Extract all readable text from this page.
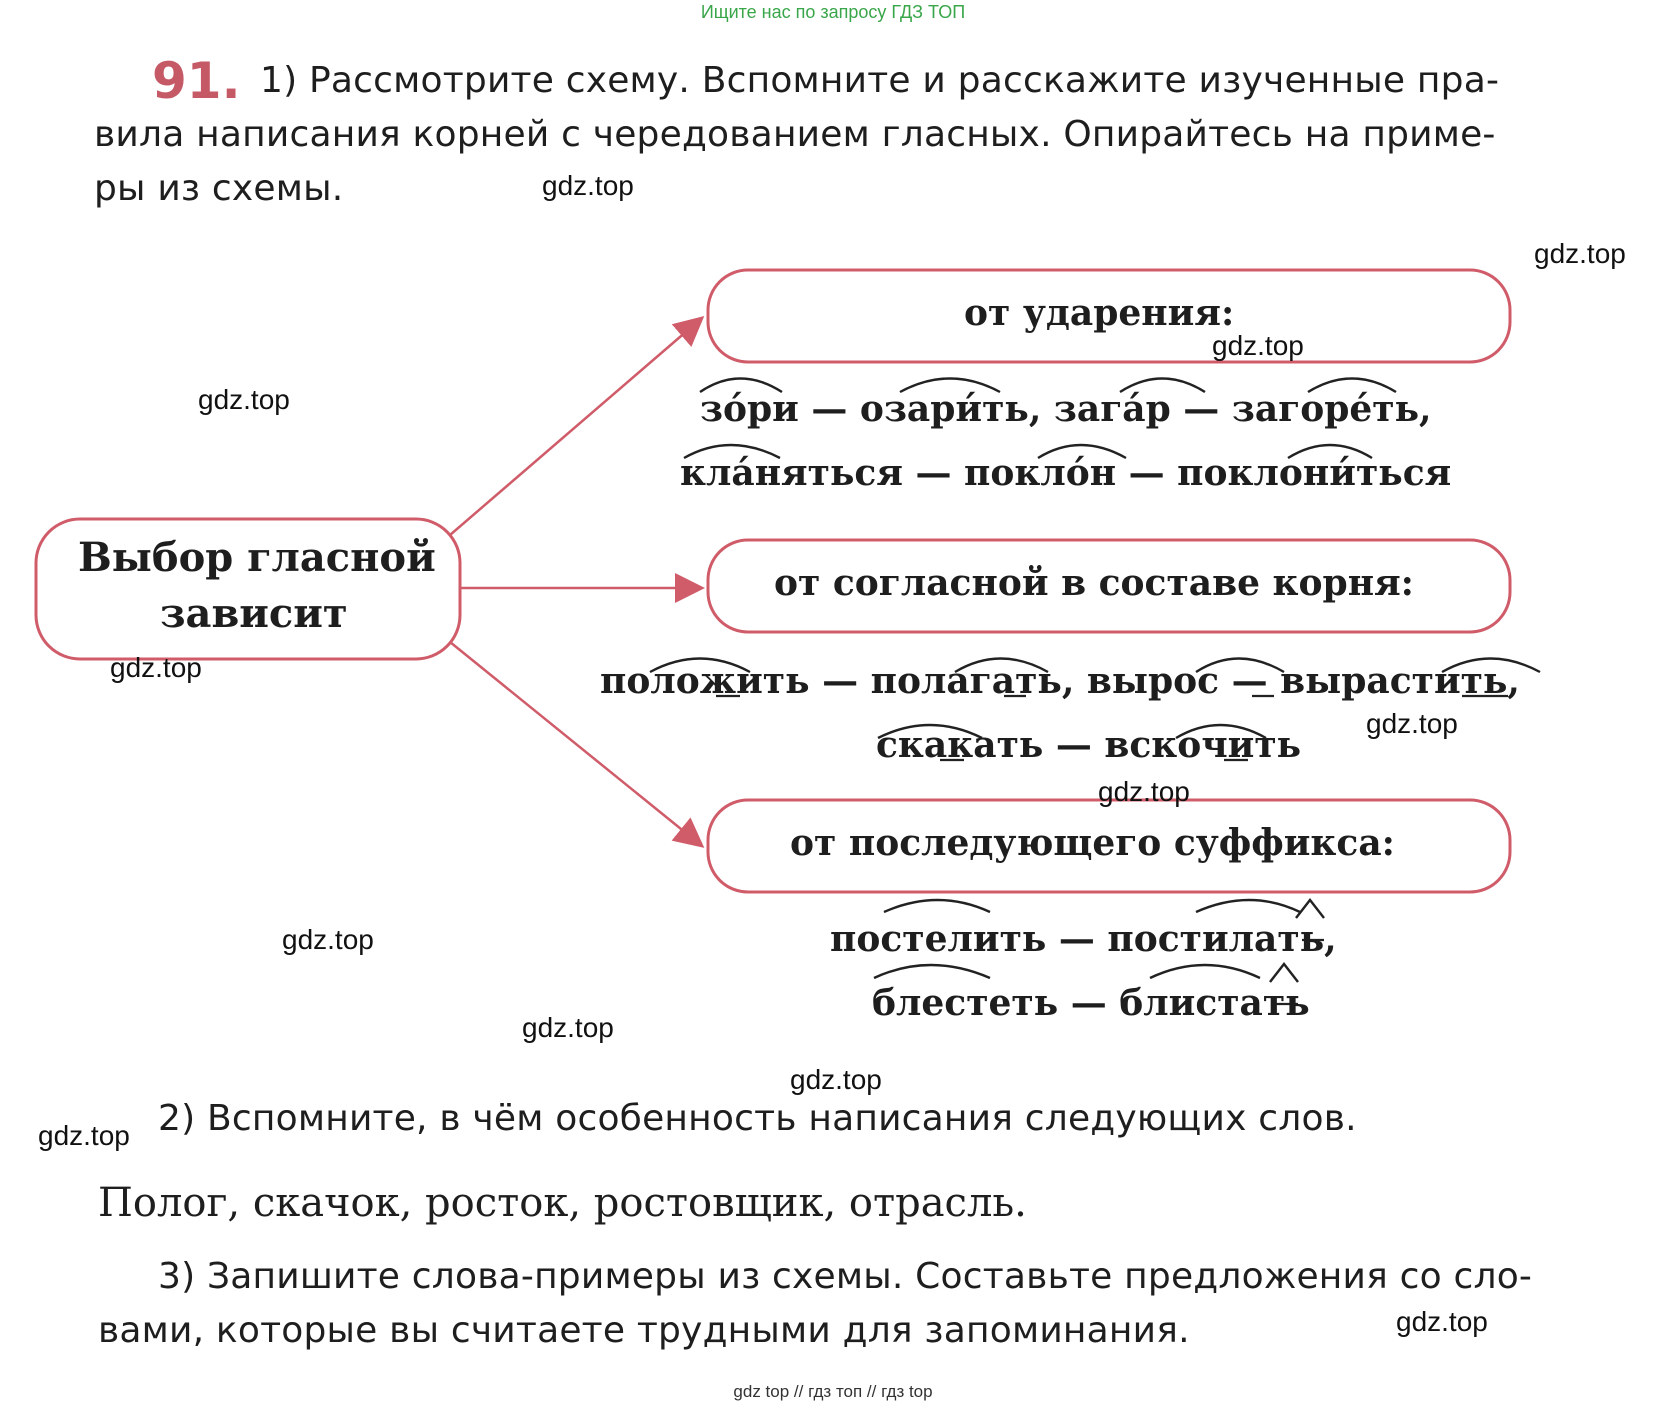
Ищите нас по запросу ГДЗ ТОП
91. 1) Рассмотрите схему. Вспомните и расскажите изученные пра-
вила написания корней с чередованием гласных. Опирайтесь на приме-
ры из схемы.
Выбор гласной
зависит
от ударения:
от согласной в составе корня:
от последующего суффикса:
зо́ри — озари́ть, зага́р — загоре́ть,
кла́няться — покло́н — поклони́ться
положить — полагать, вырос — вырастить,
скакать — вскочить
постелить — постилать,
блестеть — блистать
2) Вспомните, в чём особенность написания следующих слов.
Полог, скачок, росток, ростовщик, отрасль.
3) Запишите слова-примеры из схемы. Составьте предложения со сло-
вами, которые вы считаете трудными для запоминания.
gdz.top
gdz.top
gdz.top
gdz.top
gdz.top
gdz.top
gdz.top
gdz.top
gdz.top
gdz.top
gdz.top
gdz.top
gdz top // гдз топ // гдз top
